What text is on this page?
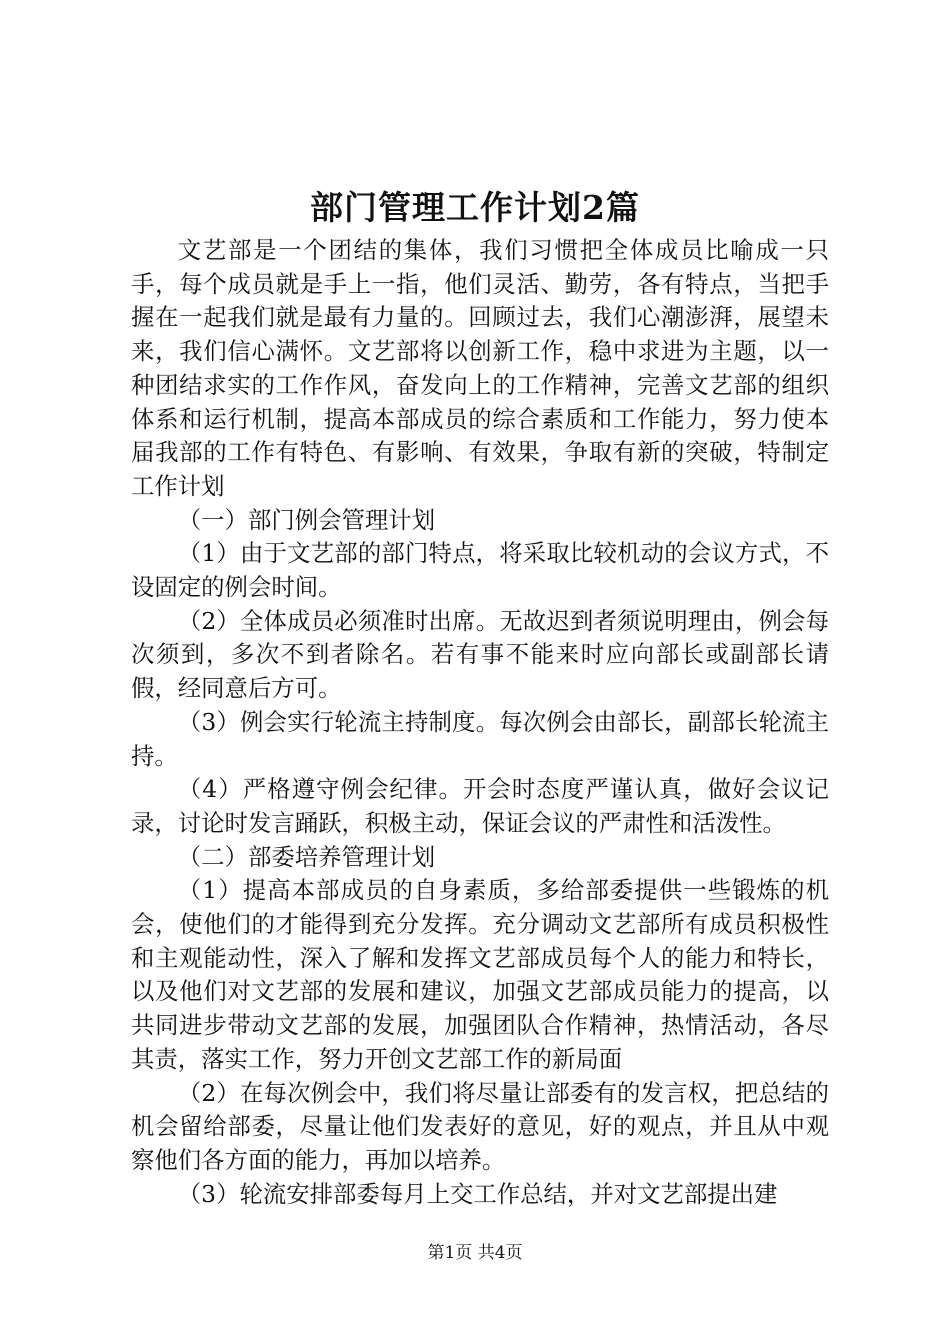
部门管理工作计划2篇

文艺部是一个团结的集体，我们习惯把全体成员比喻成一只手，每个成员就是手上一指，他们灵活、勤劳，各有特点，当把手握在一起我们就是最有力量的。回顾过去，我们心潮澎湃，展望未来，我们信心满怀。文艺部将以创新工作，稳中求进为主题，以一种团结求实的工作作风，奋发向上的工作精神，完善文艺部的组织体系和运行机制，提高本部成员的综合素质和工作能力，努力使本届我部的工作有特色、有影响、有效果，争取有新的突破，特制定工作计划

（一）部门例会管理计划

（1）由于文艺部的部门特点，将采取比较机动的会议方式，不设固定的例会时间。

（2）全体成员必须准时出席。无故迟到者须说明理由，例会每次须到，多次不到者除名。若有事不能来时应向部长或副部长请假，经同意后方可。

（3）例会实行轮流主持制度。每次例会由部长，副部长轮流主持。

（4）严格遵守例会纪律。开会时态度严谨认真，做好会议记录，讨论时发言踊跃，积极主动，保证会议的严肃性和活泼性。

（二）部委培养管理计划

（1）提高本部成员的自身素质，多给部委提供一些锻炼的机会，使他们的才能得到充分发挥。充分调动文艺部所有成员积极性和主观能动性，深入了解和发挥文艺部成员每个人的能力和特长，以及他们对文艺部的发展和建议，加强文艺部成员能力的提高，以共同进步带动文艺部的发展，加强团队合作精神，热情活动，各尽其责，落实工作，努力开创文艺部工作的新局面

（2）在每次例会中，我们将尽量让部委有的发言权，把总结的机会留给部委，尽量让他们发表好的意见，好的观点，并且从中观察他们各方面的能力，再加以培养。

（3）轮流安排部委每月上交工作总结，并对文艺部提出建

第1页 共4页
